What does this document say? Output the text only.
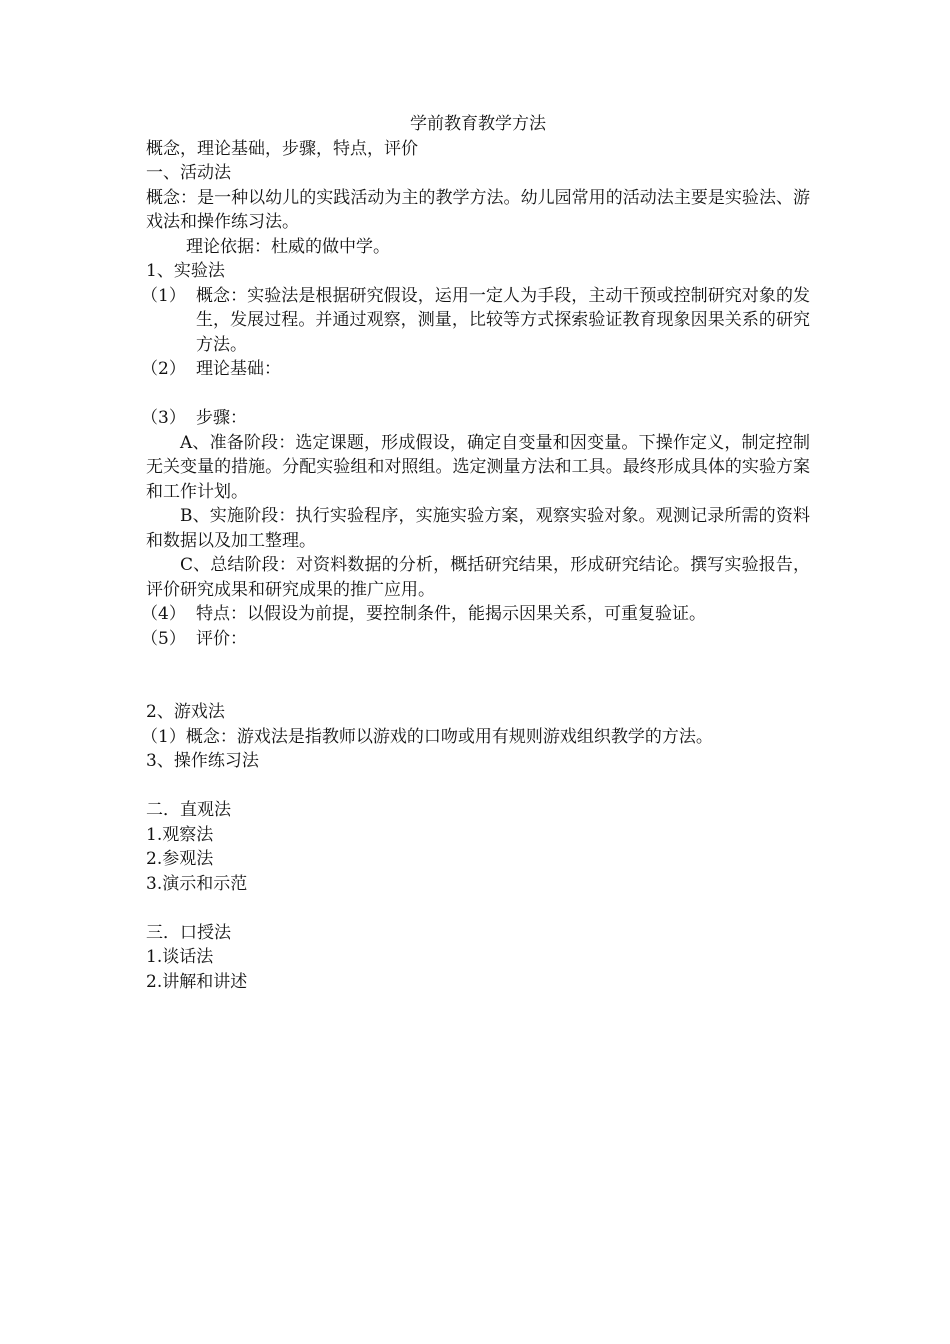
学前教育教学方法
概念，理论基础，步骤，特点，评价
一、活动法
概念：是一种以幼儿的实践活动为主的教学方法。幼儿园常用的活动法主要是实验法、游戏法和操作练习法。
理论依据：杜威的做中学。
1、实验法
（1） 概念：实验法是根据研究假设，运用一定人为手段，主动干预或控制研究对象的发生，发展过程。并通过观察，测量，比较等方式探索验证教育现象因果关系的研究方法。
（2） 理论基础：
（3） 步骤：
A、准备阶段：选定课题，形成假设，确定自变量和因变量。下操作定义，制定控制无关变量的措施。分配实验组和对照组。选定测量方法和工具。最终形成具体的实验方案和工作计划。
B、实施阶段：执行实验程序，实施实验方案，观察实验对象。观测记录所需的资料和数据以及加工整理。
C、总结阶段：对资料数据的分析，概括研究结果，形成研究结论。撰写实验报告，评价研究成果和研究成果的推广应用。
（4） 特点：以假设为前提，要控制条件，能揭示因果关系，可重复验证。
（5） 评价：
2、游戏法
（1）概念：游戏法是指教师以游戏的口吻或用有规则游戏组织教学的方法。
3、操作练习法
二．直观法
1.观察法
2.参观法
3.演示和示范
三．口授法
1.谈话法
2.讲解和讲述
